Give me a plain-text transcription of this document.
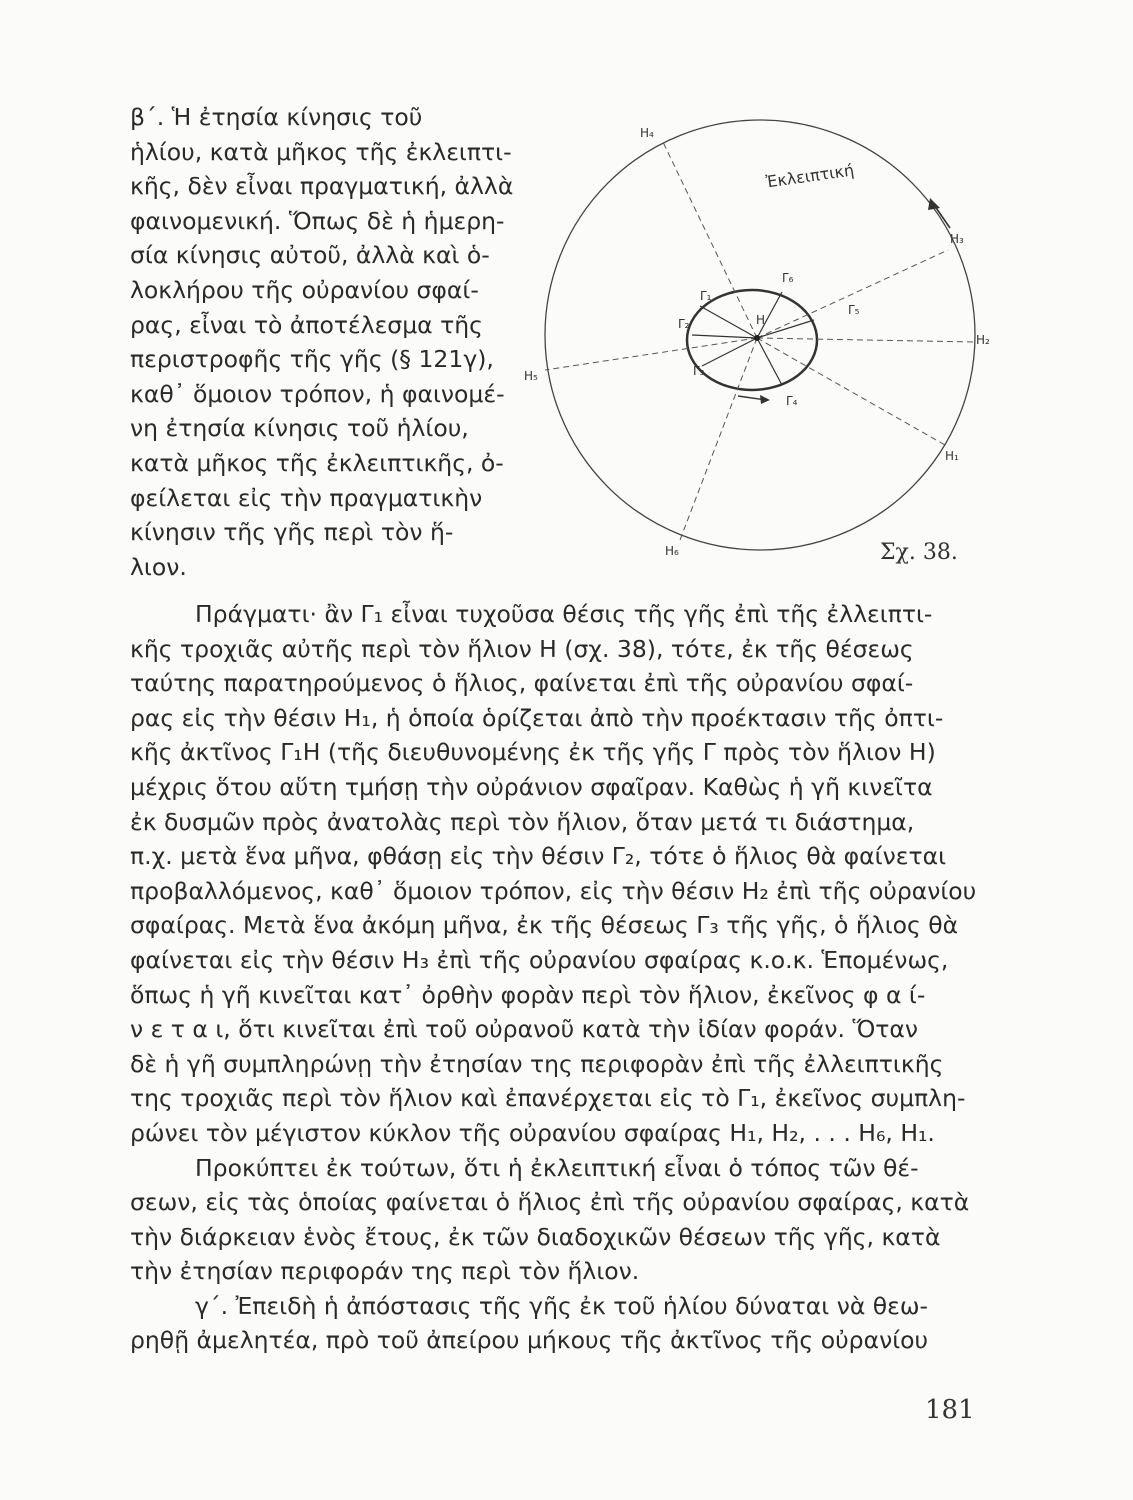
β΄. Ἡ ἐτησία κίνησις τοῦ
ἡλίου, κατὰ μῆκος τῆς ἐκλειπτι-
κῆς, δὲν εἶναι πραγματική, ἀλλὰ
φαινομενική. Ὅπως δὲ ἡ ἡμερη-
σία κίνησις αὐτοῦ, ἀλλὰ καὶ ὁ-
λοκλήρου τῆς οὐρανίου σφαί-
ρας, εἶναι τὸ ἀποτέλεσμα τῆς
περιστροφῆς τῆς γῆς (§ 121γ),
καθ᾽ ὅμοιον τρόπον, ἡ φαινομέ-
νη ἐτησία κίνησις τοῦ ἡλίου,
κατὰ μῆκος τῆς ἐκλειπτικῆς, ὀ-
φείλεται εἰς τὴν πραγματικὴν
κίνησιν τῆς γῆς περὶ τὸν ἥ-
λιον.
Ἐκλειπτική
Η
Η₁
Η₂
Η₃
Η₄
Η₅
Η₆
Γ₁
Γ₂
Γ₃
Γ₄
Γ₅
Γ₆
Σχ. 38.
Πράγματι· ἂν Γ₁ εἶναι τυχοῦσα θέσις τῆς γῆς ἐπὶ τῆς ἐλλειπτι-
κῆς τροχιᾶς αὐτῆς περὶ τὸν ἥλιον Η (σχ. 38), τότε, ἐκ τῆς θέσεως
ταύτης παρατηρούμενος ὁ ἥλιος, φαίνεται ἐπὶ τῆς οὐρανίου σφαί-
ρας εἰς τὴν θέσιν Η₁, ἡ ὁποία ὁρίζεται ἀπὸ τὴν προέκτασιν τῆς ὀπτι-
κῆς ἀκτῖνος Γ₁Η (τῆς διευθυνομένης ἐκ τῆς γῆς Γ πρὸς τὸν ἥλιον Η)
μέχρις ὅτου αὕτη τμήσῃ τὴν οὐράνιον σφαῖραν. Καθὼς ἡ γῆ κινεῖτα
ἐκ δυσμῶν πρὸς ἀνατολὰς περὶ τὸν ἥλιον, ὅταν μετά τι διάστημα,
π.χ. μετὰ ἕνα μῆνα, φθάσῃ εἰς τὴν θέσιν Γ₂, τότε ὁ ἥλιος θὰ φαίνεται
προβαλλόμενος, καθ᾽ ὅμοιον τρόπον, εἰς τὴν θέσιν Η₂ ἐπὶ τῆς οὐρανίου
σφαίρας. Μετὰ ἕνα ἀκόμη μῆνα, ἐκ τῆς θέσεως Γ₃ τῆς γῆς, ὁ ἥλιος θὰ
φαίνεται εἰς τὴν θέσιν Η₃ ἐπὶ τῆς οὐρανίου σφαίρας κ.ο.κ. Ἑπομένως,
ὅπως ἡ γῆ κινεῖται κατ᾽ ὀρθὴν φορὰν περὶ τὸν ἥλιον, ἐκεῖνος φ α ί-
ν ε τ α ι, ὅτι κινεῖται ἐπὶ τοῦ οὐρανοῦ κατὰ τὴν ἰδίαν φοράν. Ὅταν
δὲ ἡ γῆ συμπληρώνῃ τὴν ἐτησίαν της περιφορὰν ἐπὶ τῆς ἐλλειπτικῆς
της τροχιᾶς περὶ τὸν ἥλιον καὶ ἐπανέρχεται εἰς τὸ Γ₁, ἐκεῖνος συμπλη-
ρώνει τὸν μέγιστον κύκλον τῆς οὐρανίου σφαίρας Η₁, Η₂, . . . Η₆, Η₁.
Προκύπτει ἐκ τούτων, ὅτι ἡ ἐκλειπτική εἶναι ὁ τόπος τῶν θέ-
σεων, εἰς τὰς ὁποίας φαίνεται ὁ ἥλιος ἐπὶ τῆς οὐρανίου σφαίρας, κατὰ
τὴν διάρκειαν ἑνὸς ἔτους, ἐκ τῶν διαδοχικῶν θέσεων τῆς γῆς, κατὰ
τὴν ἐτησίαν περιφοράν της περὶ τὸν ἥλιον.
γ΄. Ἐπειδὴ ἡ ἀπόστασις τῆς γῆς ἐκ τοῦ ἡλίου δύναται νὰ θεω-
ρηθῇ ἀμελητέα, πρὸ τοῦ ἀπείρου μήκους τῆς ἀκτῖνος τῆς οὐρανίου
181
